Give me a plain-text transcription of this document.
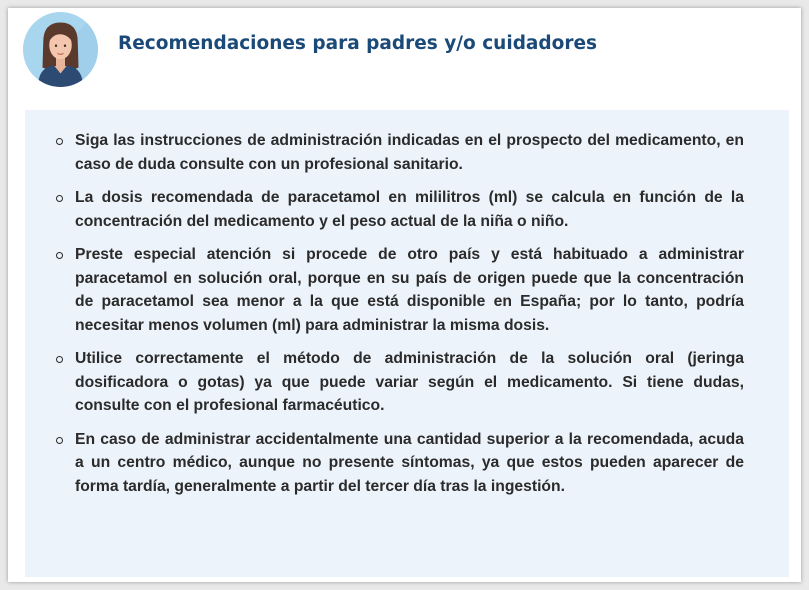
Recomendaciones para padres y/o cuidadores
Siga las instrucciones de administración indicadas en el prospecto del medicamento, en caso de duda consulte con un profesional sanitario.
La dosis recomendada de paracetamol en mililitros (ml) se calcula en función de la concentración del medicamento y el peso actual de la niña o niño.
Preste especial atención si procede de otro país y está habituado a administrar paracetamol en solución oral, porque en su país de origen puede que la concentración de paracetamol sea menor a la que está disponible en España; por lo tanto, podría necesitar menos volumen (ml) para administrar la misma dosis.
Utilice correctamente el método de administración de la solución oral (jeringa dosificadora o gotas) ya que puede variar según el medicamento. Si tiene dudas, consulte con el profesional farmacéutico.
En caso de administrar accidentalmente una cantidad superior a la recomendada, acuda a un centro médico, aunque no presente síntomas, ya que estos pueden aparecer de forma tardía, generalmente a partir del tercer día tras la ingestión.
